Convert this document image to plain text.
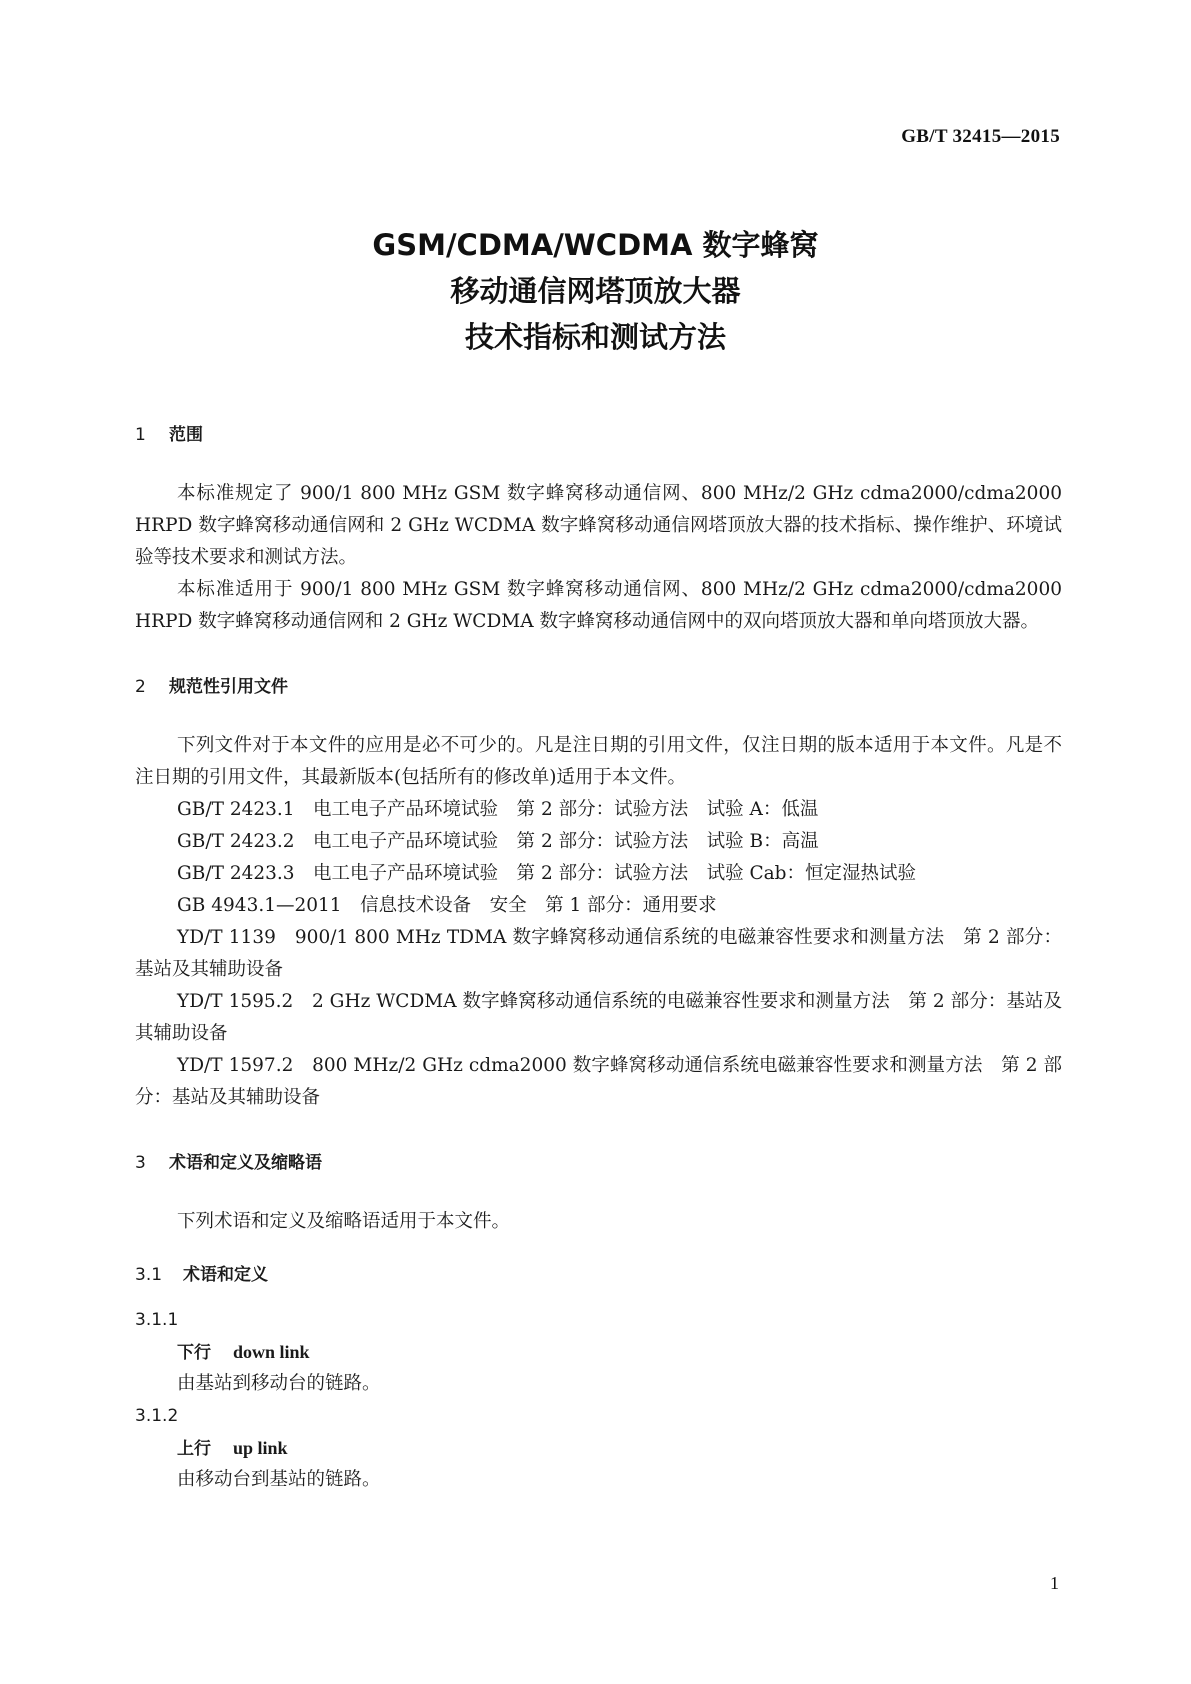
GB/T 32415—2015
GSM/CDMA/WCDMA 数字蜂窝
移动通信网塔顶放大器
技术指标和测试方法
1 范围

本标准规定了 900/1 800 MHz GSM 数字蜂窝移动通信网、800 MHz/2 GHz cdma2000/cdma2000 HRPD 数字蜂窝移动通信网和 2 GHz WCDMA 数字蜂窝移动通信网塔顶放大器的技术指标、操作维护、环境试验等技术要求和测试方法。

本标准适用于 900/1 800 MHz GSM 数字蜂窝移动通信网、800 MHz/2 GHz cdma2000/cdma2000 HRPD 数字蜂窝移动通信网和 2 GHz WCDMA 数字蜂窝移动通信网中的双向塔顶放大器和单向塔顶放大器。

2 规范性引用文件

下列文件对于本文件的应用是必不可少的。凡是注日期的引用文件，仅注日期的版本适用于本文件。凡是不注日期的引用文件，其最新版本(包括所有的修改单)适用于本文件。

GB/T 2423.1　电工电子产品环境试验　第 2 部分：试验方法　试验 A：低温

GB/T 2423.2　电工电子产品环境试验　第 2 部分：试验方法　试验 B：高温

GB/T 2423.3　电工电子产品环境试验　第 2 部分：试验方法　试验 Cab：恒定湿热试验

GB 4943.1—2011　信息技术设备　安全　第 1 部分：通用要求

YD/T 1139　900/1 800 MHz TDMA 数字蜂窝移动通信系统的电磁兼容性要求和测量方法　第 2 部分：基站及其辅助设备

YD/T 1595.2　2 GHz WCDMA 数字蜂窝移动通信系统的电磁兼容性要求和测量方法　第 2 部分：基站及其辅助设备

YD/T 1597.2　800 MHz/2 GHz cdma2000 数字蜂窝移动通信系统电磁兼容性要求和测量方法　第 2 部分：基站及其辅助设备

3 术语和定义及缩略语

下列术语和定义及缩略语适用于本文件。

3.1 术语和定义
3.1.1
下行 down link

由基站到移动台的链路。

3.1.2
上行 up link

由移动台到基站的链路。

1
